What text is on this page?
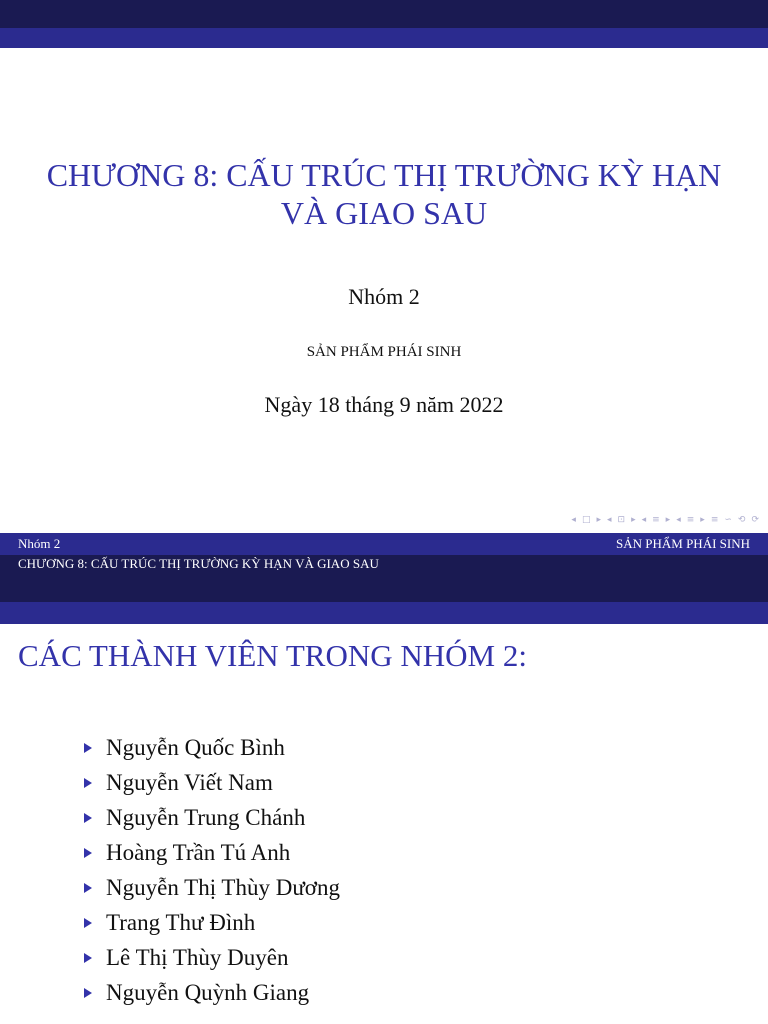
CHƯƠNG 8: CẤU TRÚC THỊ TRƯỜNG KỲ HẠN VÀ GIAO SAU
Nhóm 2
SẢN PHẨM PHÁI SINH
Ngày 18 tháng 9 năm 2022
◂ □ ▸ ◂ ⊡ ▸ ◂ ≡ ▸ ◂ ≡ ▸ ≡ ∽ ⟲ ⟳
Nhóm 2	SẢN PHẨM PHÁI SINH
CHƯƠNG 8: CẤU TRÚC THỊ TRƯỜNG KỲ HẠN VÀ GIAO SAU
CÁC THÀNH VIÊN TRONG NHÓM 2:
Nguyễn Quốc Bình
Nguyễn Viết Nam
Nguyễn Trung Chánh
Hoàng Trần Tú Anh
Nguyễn Thị Thùy Dương
Trang Thư Đình
Lê Thị Thùy Duyên
Nguyễn Quỳnh Giang
